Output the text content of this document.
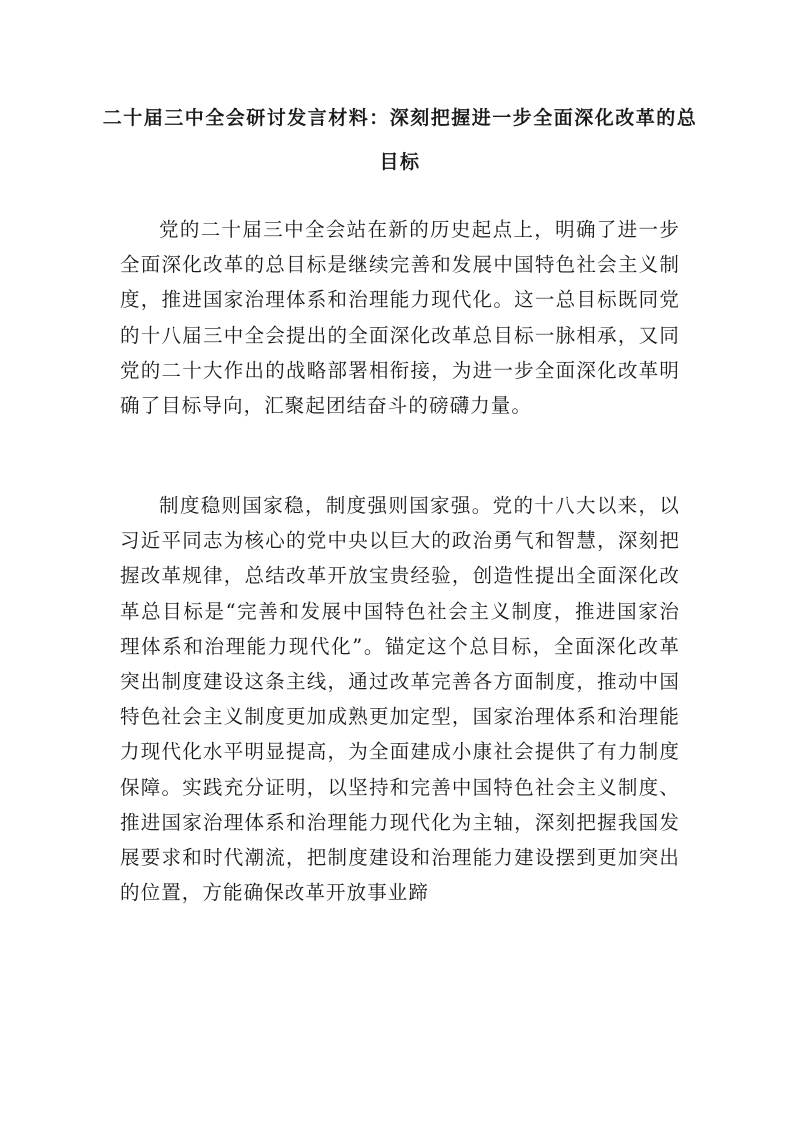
二十届三中全会研讨发言材料：深刻把握进一步全面深化改革的总目标

党的二十届三中全会站在新的历史起点上，明确了进一步全面深化改革的总目标是继续完善和发展中国特色社会主义制度，推进国家治理体系和治理能力现代化。这一总目标既同党的十八届三中全会提出的全面深化改革总目标一脉相承，又同党的二十大作出的战略部署相衔接，为进一步全面深化改革明确了目标导向，汇聚起团结奋斗的磅礴力量。

制度稳则国家稳，制度强则国家强。党的十八大以来，以习近平同志为核心的党中央以巨大的政治勇气和智慧，深刻把握改革规律，总结改革开放宝贵经验，创造性提出全面深化改革总目标是“完善和发展中国特色社会主义制度，推进国家治理体系和治理能力现代化”。锚定这个总目标，全面深化改革突出制度建设这条主线，通过改革完善各方面制度，推动中国特色社会主义制度更加成熟更加定型，国家治理体系和治理能力现代化水平明显提高，为全面建成小康社会提供了有力制度保障。实践充分证明，以坚持和完善中国特色社会主义制度、推进国家治理体系和治理能力现代化为主轴，深刻把握我国发展要求和时代潮流，把制度建设和治理能力建设摆到更加突出的位置，方能确保改革开放事业蹄
